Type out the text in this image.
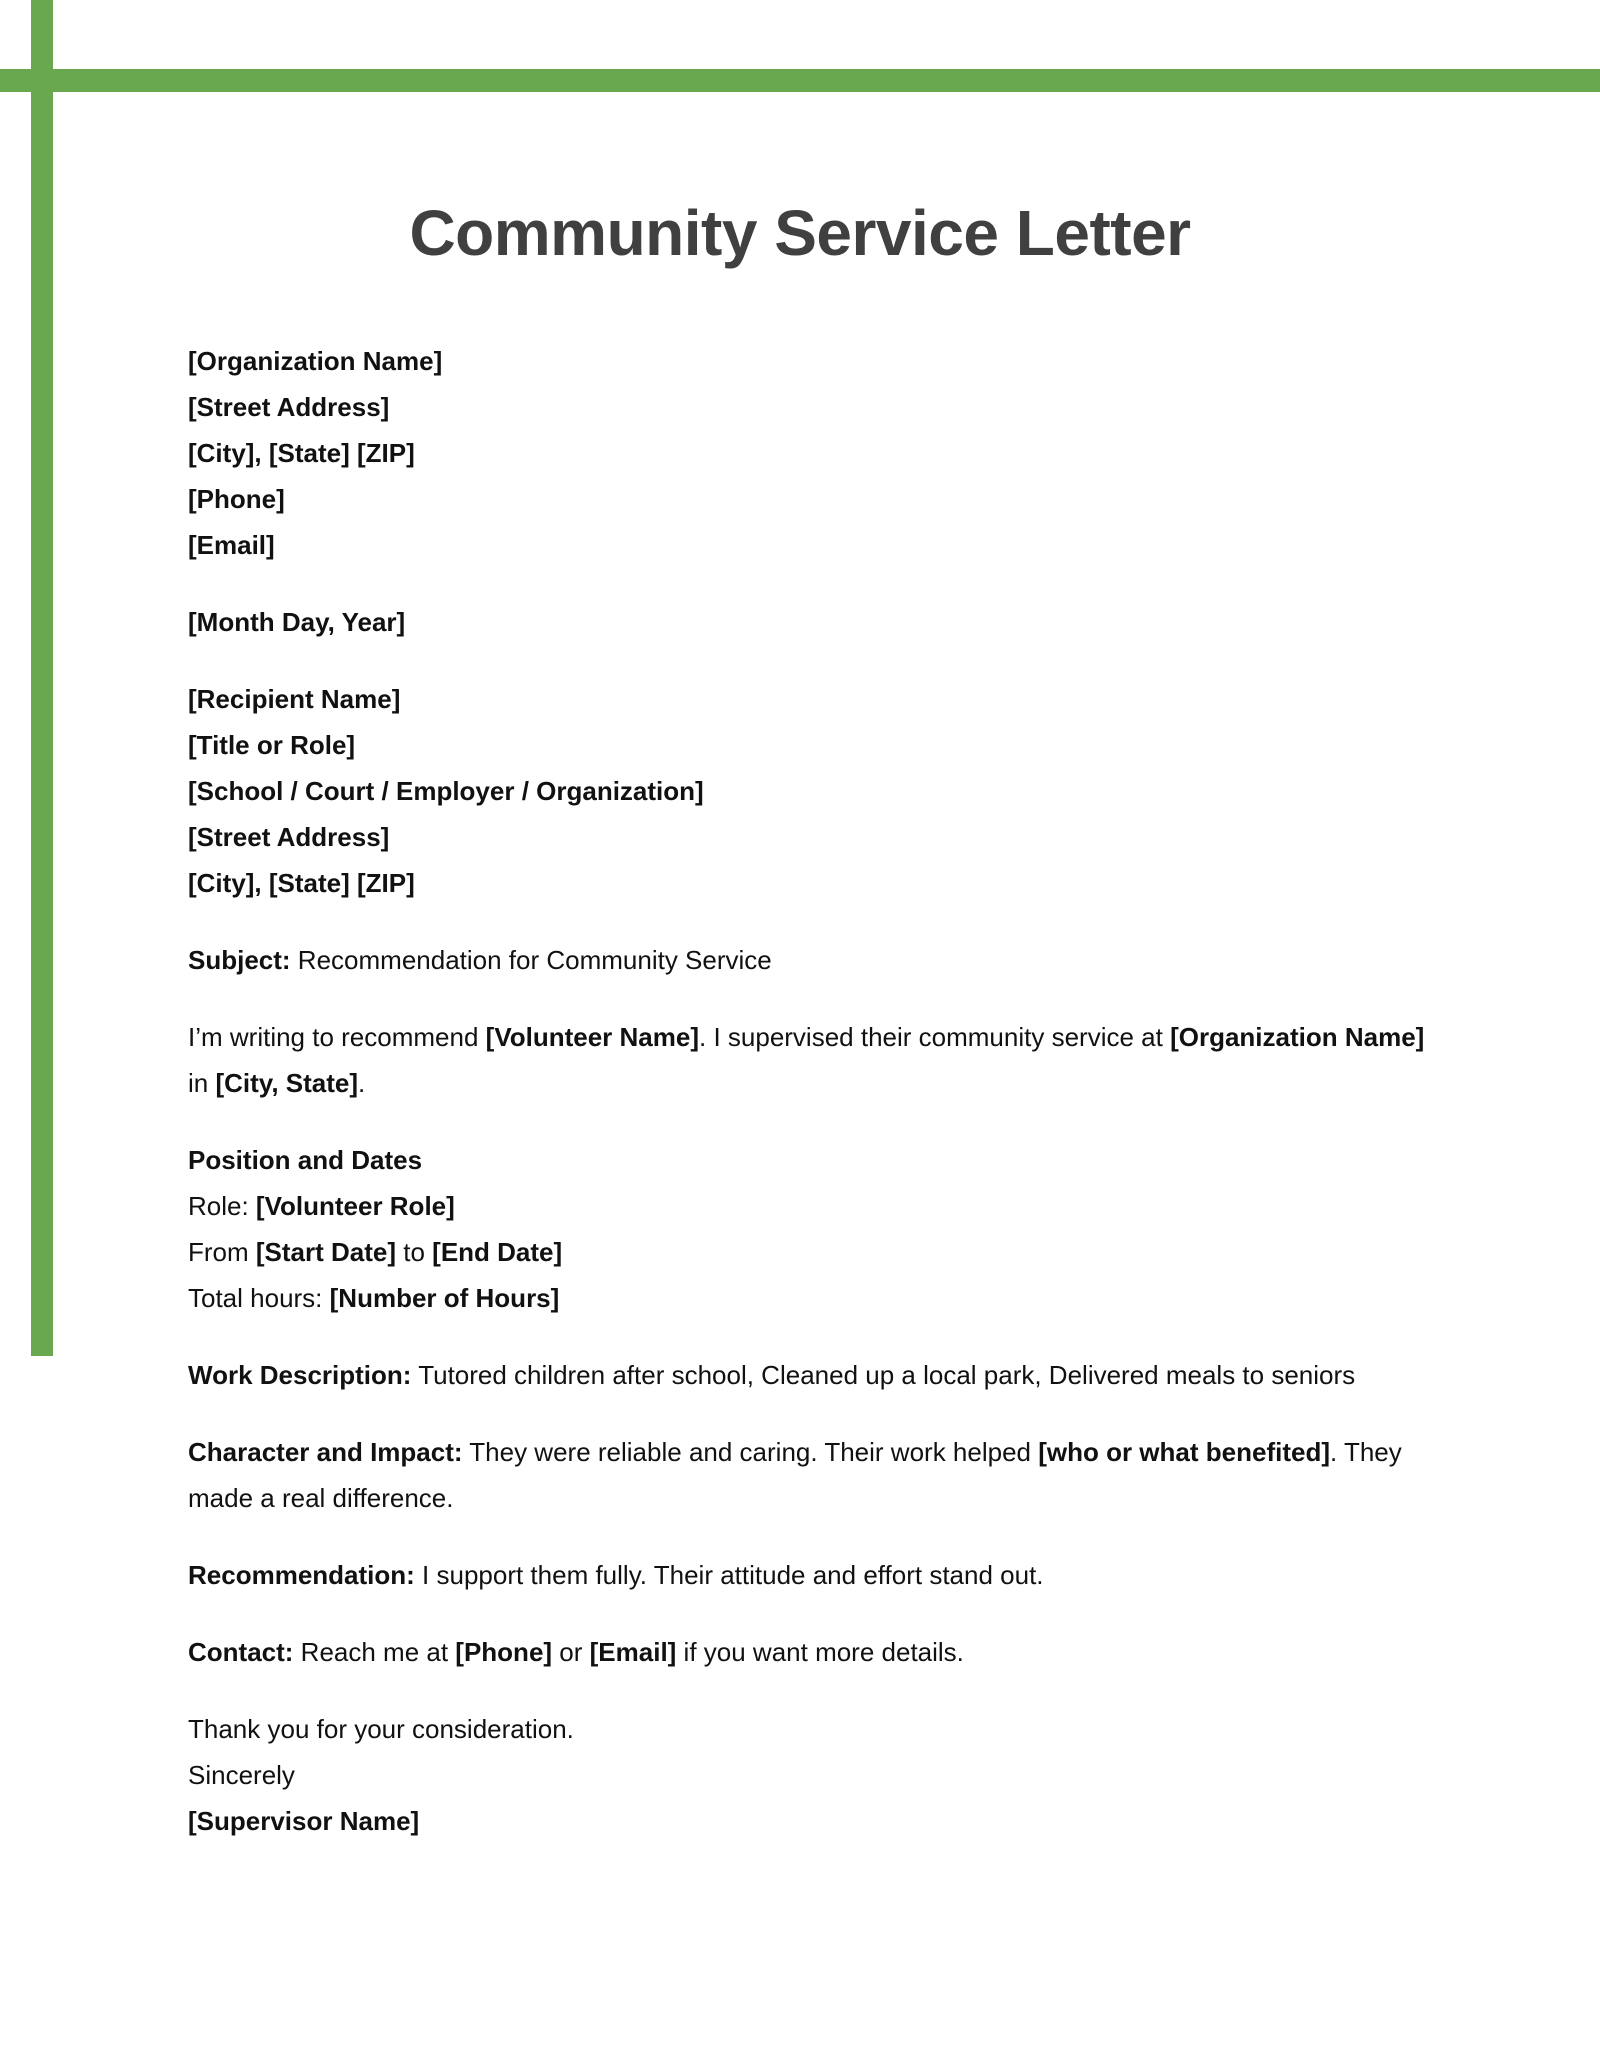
Community Service Letter
[Organization Name]
[Street Address]
[City], [State] [ZIP]
[Phone]
[Email]
[Month Day, Year]
[Recipient Name]
[Title or Role]
[School / Court / Employer / Organization]
[Street Address]
[City], [State] [ZIP]
Subject: Recommendation for Community Service
I’m writing to recommend [Volunteer Name]. I supervised their community service at [Organization Name] in [City, State].
Position and Dates
Role: [Volunteer Role]
From [Start Date] to [End Date]
Total hours: [Number of Hours]
Work Description: Tutored children after school, Cleaned up a local park, Delivered meals to seniors
Character and Impact: They were reliable and caring. Their work helped [who or what benefited]. They made a real difference.
Recommendation: I support them fully. Their attitude and effort stand out.
Contact: Reach me at [Phone] or [Email] if you want more details.
Thank you for your consideration.
Sincerely
[Supervisor Name]
